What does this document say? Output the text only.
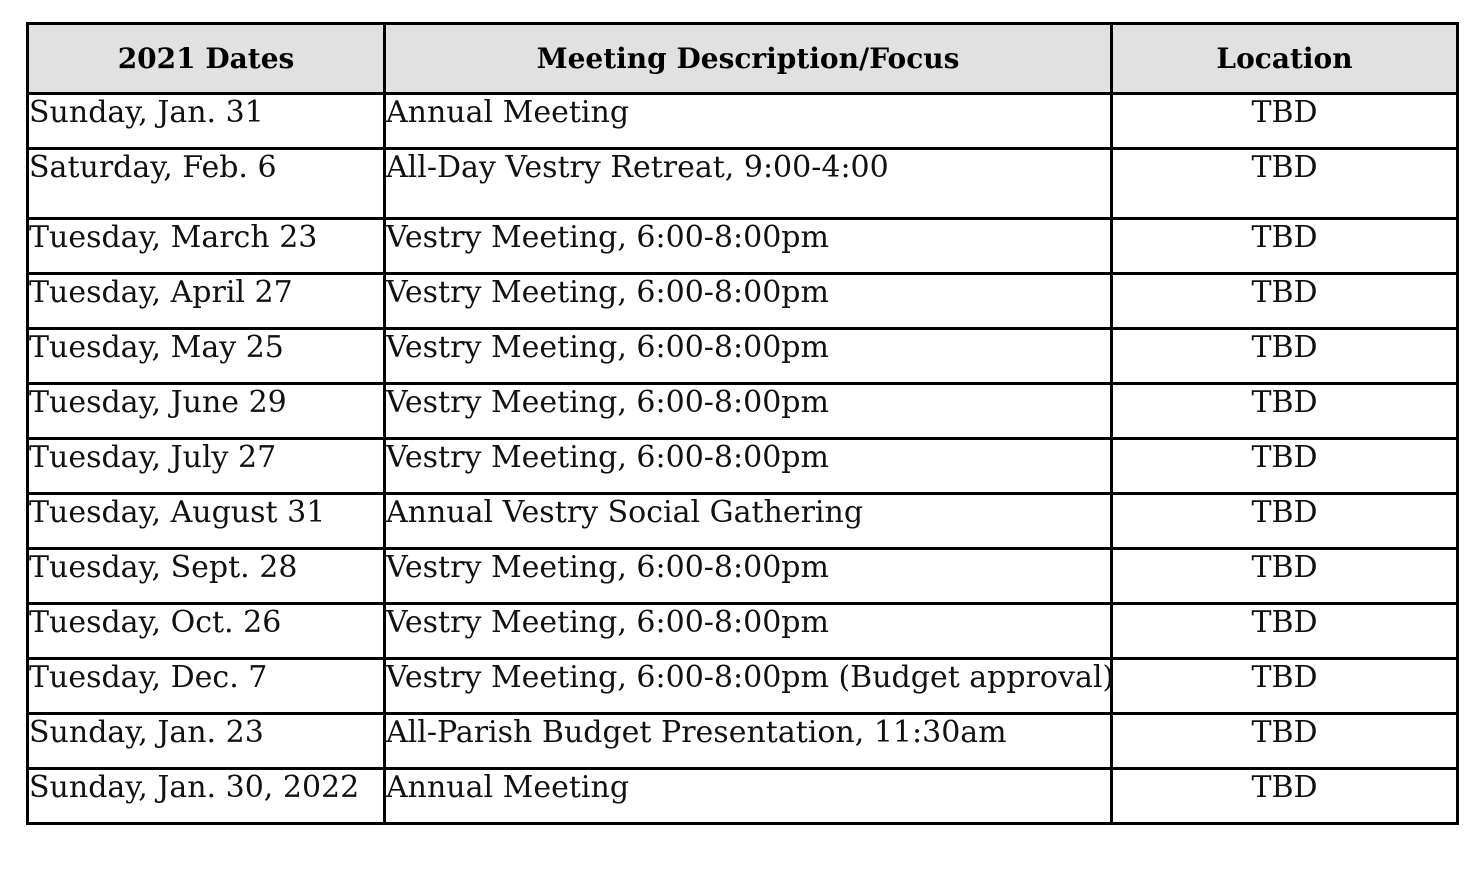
2021 Dates	Meeting Description/Focus	Location
Sunday, Jan. 31	Annual Meeting	TBD
Saturday, Feb. 6	All-Day Vestry Retreat, 9:00-4:00	TBD
Tuesday, March 23	Vestry Meeting, 6:00-8:00pm	TBD
Tuesday, April 27	Vestry Meeting, 6:00-8:00pm	TBD
Tuesday, May 25	Vestry Meeting, 6:00-8:00pm	TBD
Tuesday, June 29	Vestry Meeting, 6:00-8:00pm	TBD
Tuesday, July 27	Vestry Meeting, 6:00-8:00pm	TBD
Tuesday, August 31	Annual Vestry Social Gathering	TBD
Tuesday, Sept. 28	Vestry Meeting, 6:00-8:00pm	TBD
Tuesday, Oct. 26	Vestry Meeting, 6:00-8:00pm	TBD
Tuesday, Dec. 7	Vestry Meeting, 6:00-8:00pm (Budget approval)	TBD
Sunday, Jan. 23	All-Parish Budget Presentation, 11:30am	TBD
Sunday, Jan. 30, 2022	Annual Meeting	TBD
